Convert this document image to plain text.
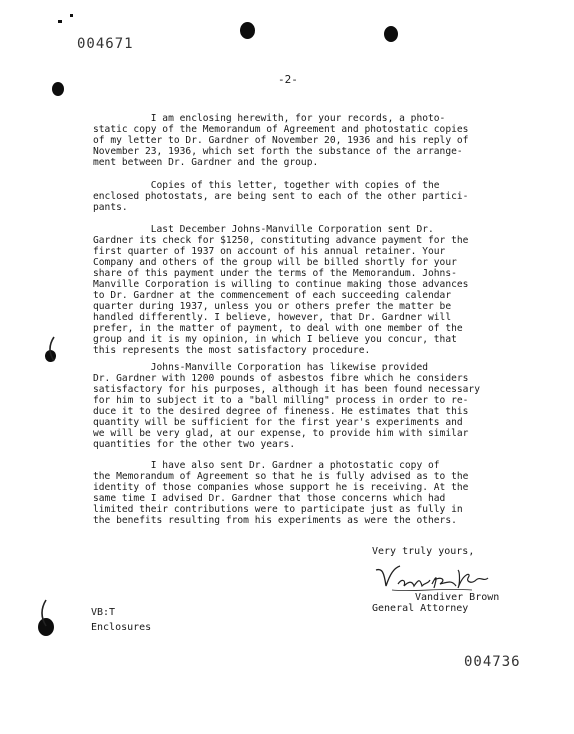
004671
-2-
I am enclosing herewith, for your records, a photo-
static copy of the Memorandum of Agreement and photostatic copies
of my letter to Dr. Gardner of November 20, 1936 and his reply of
November 23, 1936, which set forth the substance of the arrange-
ment between Dr. Gardner and the group.
Copies of this letter, together with copies of the
enclosed photostats, are being sent to each of the other partici-
pants.
Last December Johns-Manville Corporation sent Dr.
Gardner its check for $1250, constituting advance payment for the
first quarter of 1937 on account of his annual retainer. Your
Company and others of the group will be billed shortly for your
share of this payment under the terms of the Memorandum. Johns-
Manville Corporation is willing to continue making those advances
to Dr. Gardner at the commencement of each succeeding calendar
quarter during 1937, unless you or others prefer the matter be
handled differently. I believe, however, that Dr. Gardner will
prefer, in the matter of payment, to deal with one member of the
group and it is my opinion, in which I believe you concur, that
this represents the most satisfactory procedure.
Johns-Manville Corporation has likewise provided
Dr. Gardner with 1200 pounds of asbestos fibre which he considers
satisfactory for his purposes, although it has been found necessary
for him to subject it to a "ball milling" process in order to re-
duce it to the desired degree of fineness. He estimates that this
quantity will be sufficient for the first year's experiments and
we will be very glad, at our expense, to provide him with similar
quantities for the other two years.
I have also sent Dr. Gardner a photostatic copy of
the Memorandum of Agreement so that he is fully advised as to the
identity of those companies whose support he is receiving. At the
same time I advised Dr. Gardner that those concerns which had
limited their contributions were to participate just as fully in
the benefits resulting from his experiments as were the others.
Very truly yours,
Vandiver Brown
General Attorney
VB:T
Enclosures
004736
